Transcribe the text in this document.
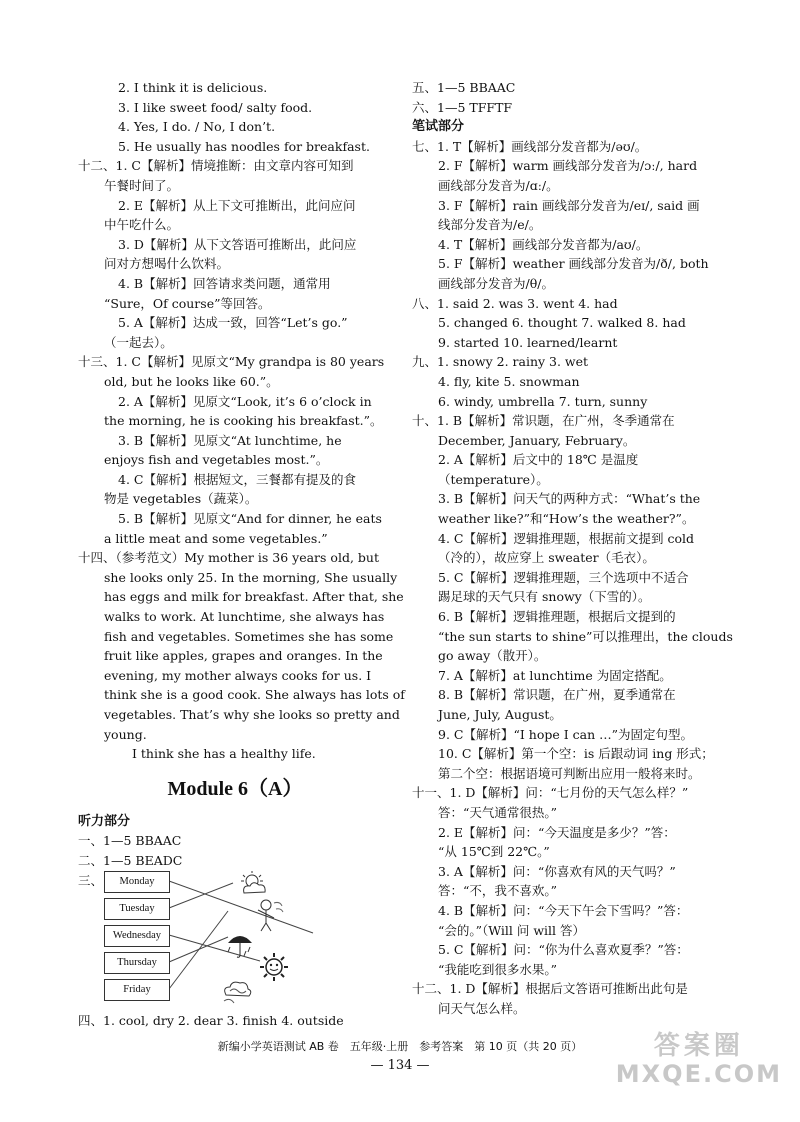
2. I think it is delicious.
3. I like sweet food/ salty food.
4. Yes, I do. / No, I don’t.
5. He usually has noodles for breakfast.
十二、1. C【解析】情境推断：由文章内容可知到
午餐时间了。
2. E【解析】从上下文可推断出，此问应问
中午吃什么。
3. D【解析】从下文答语可推断出，此问应
问对方想喝什么饮料。
4. B【解析】回答请求类问题，通常用
“Sure，Of course”等回答。
5. A【解析】达成一致，回答“Let’s go.”
（一起去）。
十三、1. C【解析】见原文“My grandpa is 80 years
old, but he looks like 60.”。
2. A【解析】见原文“Look, it’s 6 o’clock in
the morning, he is cooking his breakfast.”。
3. B【解析】见原文“At lunchtime, he
enjoys fish and vegetables most.”。
4. C【解析】根据短文，三餐都有提及的食
物是 vegetables（蔬菜）。
5. B【解析】见原文“And for dinner, he eats
a little meat and some vegetables.”
十四、（参考范文）My mother is 36 years old, but
she looks only 25. In the morning, She usually
has eggs and milk for breakfast. After that, she
walks to work. At lunchtime, she always has
fish and vegetables. Sometimes she has some
fruit like apples, grapes and oranges. In the
evening, my mother always cooks for us. I
think she is a good cook. She always has lots of
vegetables. That’s why she looks so pretty and
young.
I think she has a healthy life.
Module 6（A）
听力部分
一、1—5 BBAAC
二、1—5 BEADC
三、	Monday
Tuesday
Wednesday
Thursday
Friday
四、1. cool, dry 2. dear 3. finish 4. outside
五、1—5 BBAAC
六、1—5 TFFTF
笔试部分
七、1. T【解析】画线部分发音都为/əʊ/。
2. F【解析】warm 画线部分发音为/ɔː/, hard
画线部分发音为/ɑː/。
3. F【解析】rain 画线部分发音为/eɪ/, said 画
线部分发音为/e/。
4. T【解析】画线部分发音都为/aʊ/。
5. F【解析】weather 画线部分发音为/ð/, both
画线部分发音为/θ/。
八、1. said 2. was 3. went 4. had
5. changed 6. thought 7. walked 8. had
9. started 10. learned/learnt
九、1. snowy 2. rainy 3. wet
4. fly, kite 5. snowman
6. windy, umbrella 7. turn, sunny
十、1. B【解析】常识题，在广州，冬季通常在
December, January, February。
2. A【解析】后文中的 18℃ 是温度
（temperature）。
3. B【解析】问天气的两种方式：“What’s the
weather like?”和“How’s the weather?”。
4. C【解析】逻辑推理题，根据前文提到 cold
（冷的），故应穿上 sweater（毛衣）。
5. C【解析】逻辑推理题，三个选项中不适合
踢足球的天气只有 snowy（下雪的）。
6. B【解析】逻辑推理题，根据后文提到的
“the sun starts to shine”可以推理出，the clouds
go away（散开）。
7. A【解析】at lunchtime 为固定搭配。
8. B【解析】常识题，在广州，夏季通常在
June, July, August。
9. C【解析】“I hope I can …”为固定句型。
10. C【解析】第一个空：is 后跟动词 ing 形式；
第二个空：根据语境可判断出应用一般将来时。
十一、1. D【解析】问：“七月份的天气怎么样？”
答：“天气通常很热。”
2. E【解析】问：“今天温度是多少？”答：
“从 15℃到 22℃。”
3. A【解析】问：“你喜欢有风的天气吗？”
答：“不，我不喜欢。”
4. B【解析】问：“今天下午会下雪吗？”答：
“会的。”（Will 问 will 答）
5. C【解析】问：“你为什么喜欢夏季？”答：
“我能吃到很多水果。”
十二、1. D【解析】根据后文答语可推断出此句是
问天气怎么样。
新编小学英语测试 AB 卷　五年级·上册　参考答案　第 10 页（共 20 页）
— 134 —
答案圈
MXQE.COM
